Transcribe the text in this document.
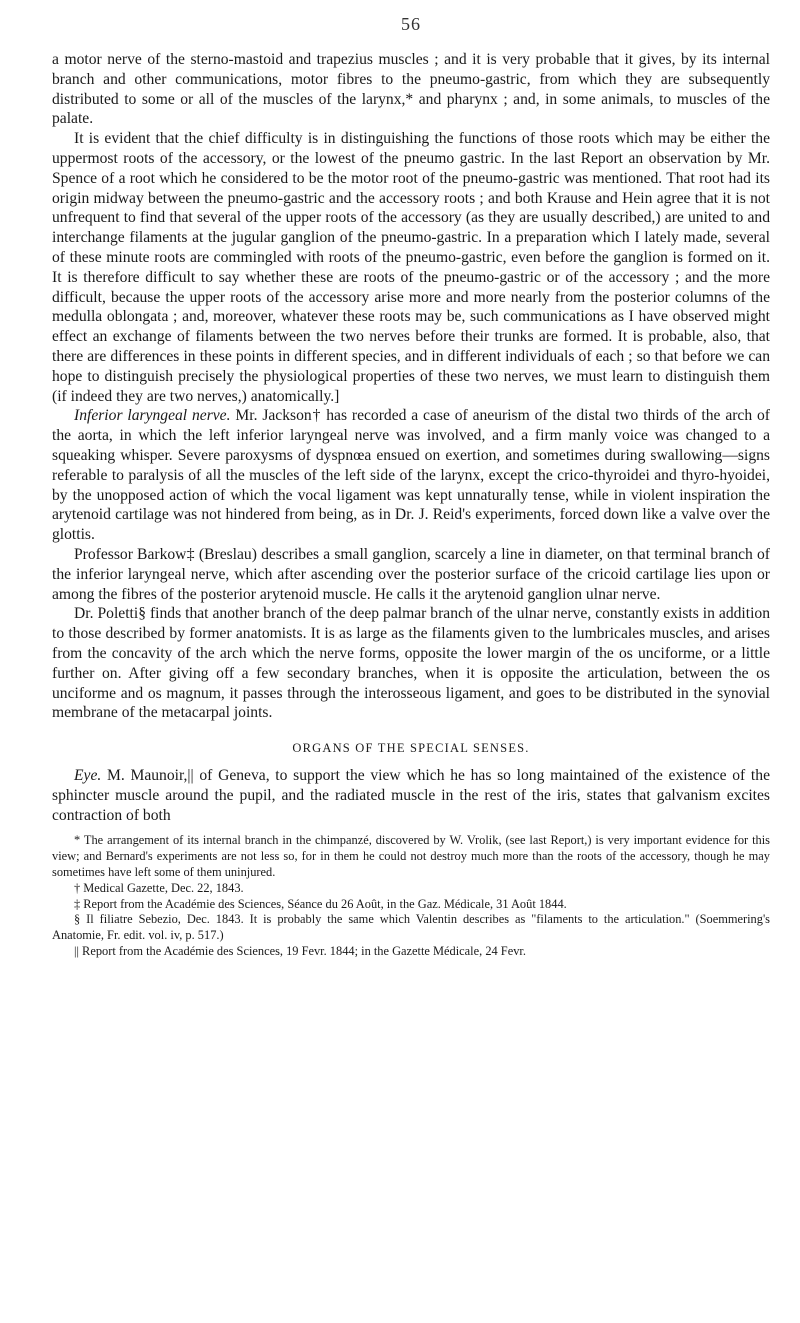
56

a motor nerve of the sterno-mastoid and trapezius muscles ; and it is very probable that it gives, by its internal branch and other communications, motor fibres to the pneumo-gastric, from which they are subsequently distributed to some or all of the muscles of the larynx,* and pharynx ; and, in some animals, to muscles of the palate.

It is evident that the chief difficulty is in distinguishing the functions of those roots which may be either the uppermost roots of the accessory, or the lowest of the pneumo gastric. In the last Report an observation by Mr. Spence of a root which he considered to be the motor root of the pneumo-gastric was mentioned. That root had its origin midway between the pneumo-gastric and the accessory roots ; and both Krause and Hein agree that it is not unfrequent to find that several of the upper roots of the accessory (as they are usually described,) are united to and interchange filaments at the jugular ganglion of the pneumo-gastric. In a preparation which I lately made, several of these minute roots are commingled with roots of the pneumo-gastric, even before the ganglion is formed on it. It is therefore difficult to say whether these are roots of the pneumo-gastric or of the accessory ; and the more difficult, because the upper roots of the accessory arise more and more nearly from the posterior columns of the medulla oblongata ; and, moreover, whatever these roots may be, such communications as I have observed might effect an exchange of filaments between the two nerves before their trunks are formed. It is probable, also, that there are differences in these points in different species, and in different individuals of each ; so that before we can hope to distinguish precisely the physiological properties of these two nerves, we must learn to distinguish them (if indeed they are two nerves,) anatomically.]

Inferior laryngeal nerve. Mr. Jackson† has recorded a case of aneurism of the distal two thirds of the arch of the aorta, in which the left inferior laryngeal nerve was involved, and a firm manly voice was changed to a squeaking whisper. Severe paroxysms of dyspnœa ensued on exertion, and sometimes during swallowing—signs referable to paralysis of all the muscles of the left side of the larynx, except the crico-thyroidei and thyro-hyoidei, by the unopposed action of which the vocal ligament was kept unnaturally tense, while in violent inspiration the arytenoid cartilage was not hindered from being, as in Dr. J. Reid's experiments, forced down like a valve over the glottis.

Professor Barkow‡ (Breslau) describes a small ganglion, scarcely a line in diameter, on that terminal branch of the inferior laryngeal nerve, which after ascending over the posterior surface of the cricoid cartilage lies upon or among the fibres of the posterior arytenoid muscle. He calls it the arytenoid ganglion ulnar nerve.

Dr. Poletti§ finds that another branch of the deep palmar branch of the ulnar nerve, constantly exists in addition to those described by former anatomists. It is as large as the filaments given to the lumbricales muscles, and arises from the concavity of the arch which the nerve forms, opposite the lower margin of the os unciforme, or a little further on. After giving off a few secondary branches, when it is opposite the articulation, between the os unciforme and os magnum, it passes through the interosseous ligament, and goes to be distributed in the synovial membrane of the metacarpal joints.

ORGANS OF THE SPECIAL SENSES.

Eye. M. Maunoir,|| of Geneva, to support the view which he has so long maintained of the existence of the sphincter muscle around the pupil, and the radiated muscle in the rest of the iris, states that galvanism excites contraction of both

* The arrangement of its internal branch in the chimpanzé, discovered by W. Vrolik, (see last Report,) is very important evidence for this view; and Bernard's experiments are not less so, for in them he could not destroy much more than the roots of the accessory, though he may sometimes have left some of them uninjured.

† Medical Gazette, Dec. 22, 1843.

‡ Report from the Académie des Sciences, Séance du 26 Août, in the Gaz. Médicale, 31 Août 1844.

§ Il filiatre Sebezio, Dec. 1843. It is probably the same which Valentin describes as "filaments to the articulation." (Soemmering's Anatomie, Fr. edit. vol. iv, p. 517.)

|| Report from the Académie des Sciences, 19 Fevr. 1844; in the Gazette Médicale, 24 Fevr.
